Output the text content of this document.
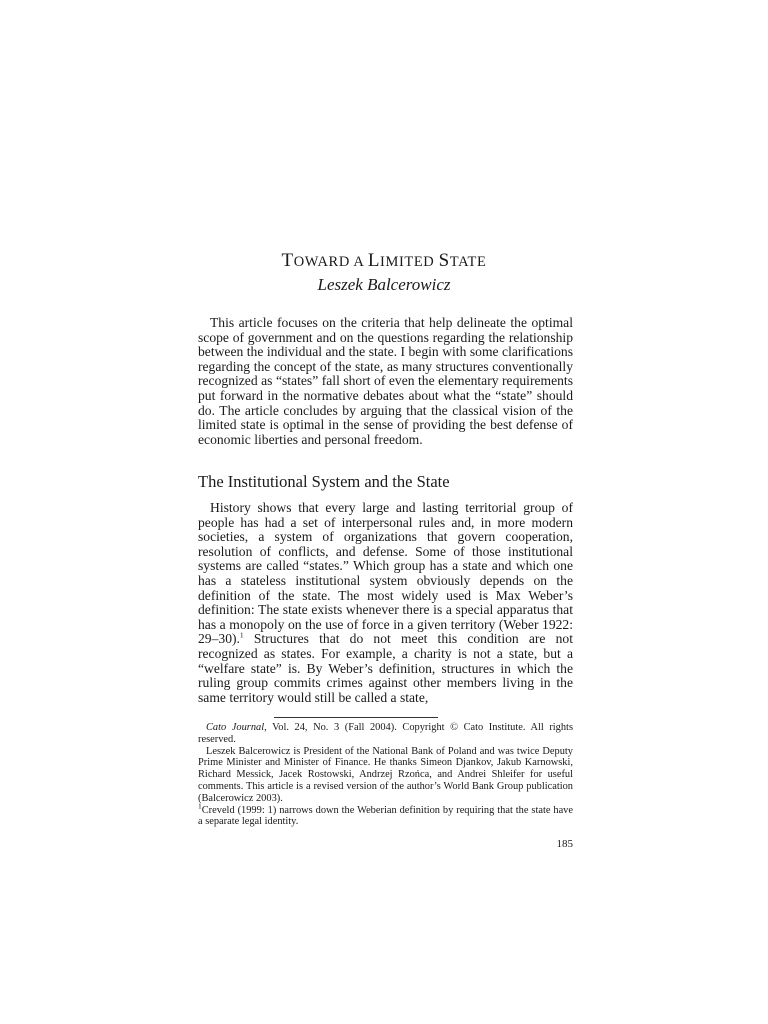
TOWARD A LIMITED STATE
Leszek Balcerowicz

This article focuses on the criteria that help delineate the optimal scope of government and on the questions regarding the relationship between the individual and the state. I begin with some clarifications regarding the concept of the state, as many structures conventionally recognized as “states” fall short of even the elementary requirements put forward in the normative debates about what the “state” should do. The article concludes by arguing that the classical vision of the limited state is optimal in the sense of providing the best defense of economic liberties and personal freedom.

The Institutional System and the State

History shows that every large and lasting territorial group of people has had a set of interpersonal rules and, in more modern societies, a system of organizations that govern cooperation, resolution of conflicts, and defense. Some of those institutional systems are called “states.” Which group has a state and which one has a stateless institutional system obviously depends on the definition of the state. The most widely used is Max Weber’s definition: The state exists whenever there is a special apparatus that has a monopoly on the use of force in a given territory (Weber 1922: 29–30).$^1$ Structures that do not meet this condition are not recognized as states. For example, a charity is not a state, but a “welfare state” is. By Weber’s definition, structures in which the ruling group commits crimes against other members living in the same territory would still be called a state,

Cato Journal, Vol. 24, No. 3 (Fall 2004). Copyright © Cato Institute. All rights reserved.

Leszek Balcerowicz is President of the National Bank of Poland and was twice Deputy Prime Minister and Minister of Finance. He thanks Simeon Djankov, Jakub Karnowski, Richard Messick, Jacek Rostowski, Andrzej Rzońca, and Andrei Shleifer for useful comments. This article is a revised version of the author’s World Bank Group publication (Balcerowicz 2003).

$^1$Creveld (1999: 1) narrows down the Weberian definition by requiring that the state have a separate legal identity.

185
